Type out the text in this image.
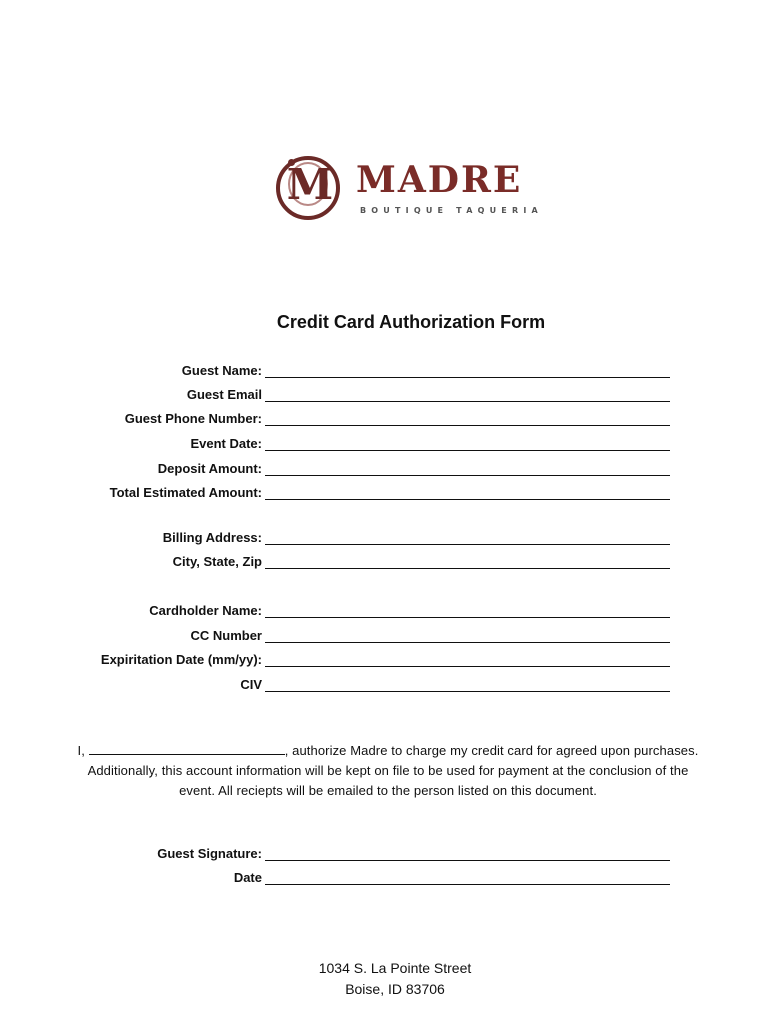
M MADRE
BOUTIQUE TAQUERIA
Credit Card Authorization Form
Guest Name:
Guest Email
Guest Phone Number:
Event Date:
Deposit Amount:
Total Estimated Amount:
Billing Address:
City, State, Zip
Cardholder Name:
CC Number
Expiritation Date (mm/yy):
CIV
I,	, authorize Madre to charge my credit card for agreed upon purchases.
Additionally, this account information will be kept on file to be used for payment at the conclusion of the
event. All reciepts will be emailed to the person listed on this document.
Guest Signature:
Date
1034 S. La Pointe Street
Boise, ID 83706
